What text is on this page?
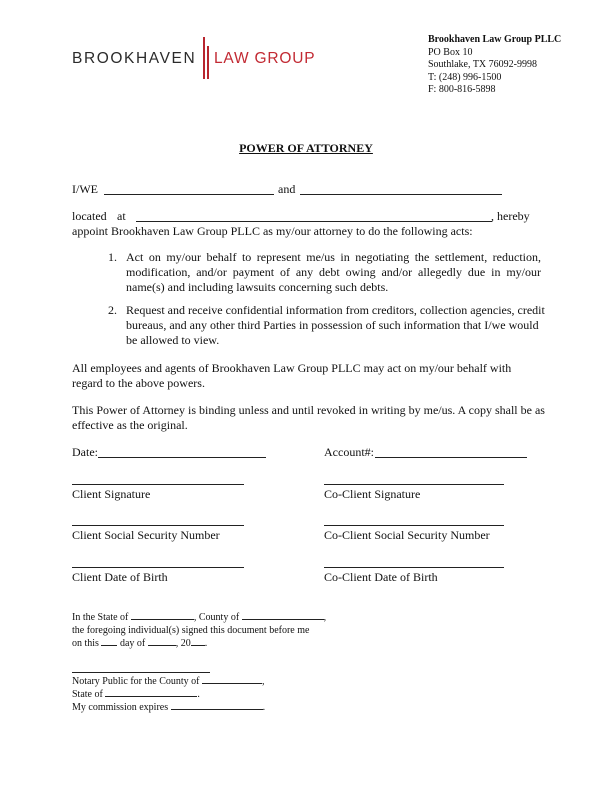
BROOKHAVEN LAW GROUP
Brookhaven Law Group PLLC
PO Box 10
Southlake, TX 76092-9998
T: (248) 996-1500
F: 800-816-5898
POWER OF ATTORNEY
I/WE	and
located at	, hereby
appoint Brookhaven Law Group PLLC as my/our attorney to do the following acts:
1. Act on my/our behalf to represent me/us in negotiating the settlement, reduction, modification, and/or payment of any debt owing and/or allegedly due in my/our name(s) and including lawsuits concerning such debts.
2. Request and receive confidential information from creditors, collection agencies, credit bureaus, and any other third Parties in possession of such information that I/we would be allowed to view.
All employees and agents of Brookhaven Law Group PLLC may act on my/our behalf with regard to the above powers.
This Power of Attorney is binding unless and until revoked in writing by me/us. A copy shall be as effective as the original.
Date:	Account#:
Client Signature	Co-Client Signature
Client Social Security Number	Co-Client Social Security Number
Client Date of Birth	Co-Client Date of Birth
In the State of	, County of	,
the foregoing individual(s) signed this document before me
on this day of	, 20 .
Notary Public for the County of	,
State of	.
My commission expires	.
